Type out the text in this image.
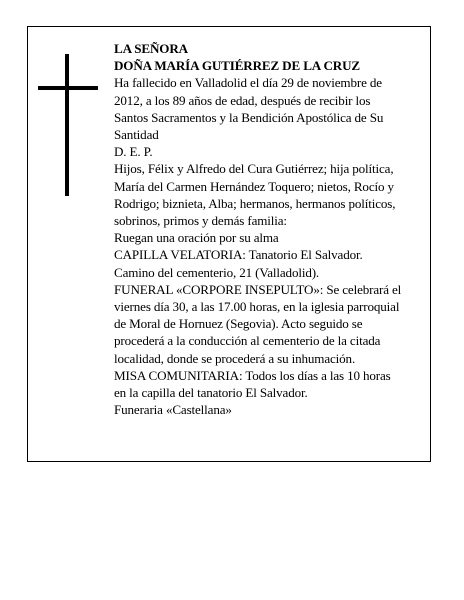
LA SEÑORA
DOÑA MARÍA GUTIÉRREZ DE LA CRUZ
Ha fallecido en Valladolid el día 29 de noviembre de
2012, a los 89 años de edad, después de recibir los
Santos Sacramentos y la Bendición Apostólica de Su
Santidad
D. E. P.
Hijos, Félix y Alfredo del Cura Gutiérrez; hija política,
María del Carmen Hernández Toquero; nietos, Rocío y
Rodrigo; biznieta, Alba; hermanos, hermanos políticos,
sobrinos, primos y demás familia:
Ruegan una oración por su alma
CAPILLA VELATORIA: Tanatorio El Salvador.
Camino del cementerio, 21 (Valladolid).
FUNERAL «CORPORE INSEPULTO»: Se celebrará el
viernes día 30, a las 17.00 horas, en la iglesia parroquial
de Moral de Hornuez (Segovia). Acto seguido se
procederá a la conducción al cementerio de la citada
localidad, donde se procederá a su inhumación.
MISA COMUNITARIA: Todos los días a las 10 horas
en la capilla del tanatorio El Salvador.
Funeraria «Castellana»
